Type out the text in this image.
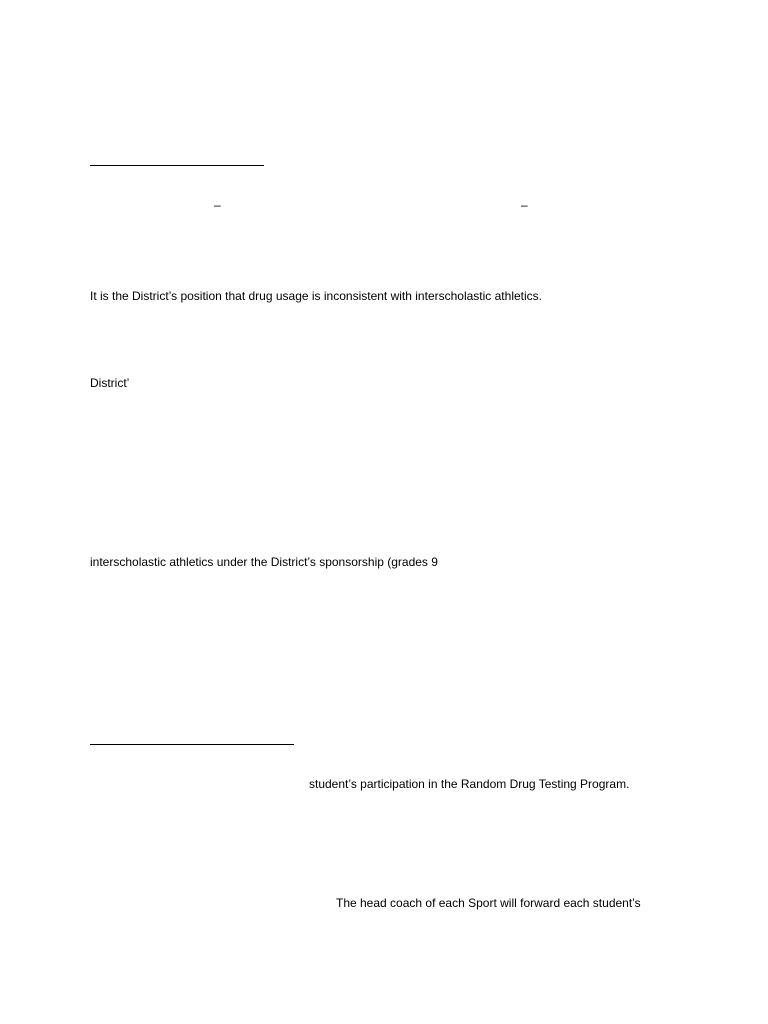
–	–
It is the District’s position that drug usage is inconsistent with interscholastic athletics.
District’
interscholastic athletics under the District’s sponsorship (grades 9
student’s participation in the Random Drug Testing Program.
The head coach of each Sport will forward each student’s
